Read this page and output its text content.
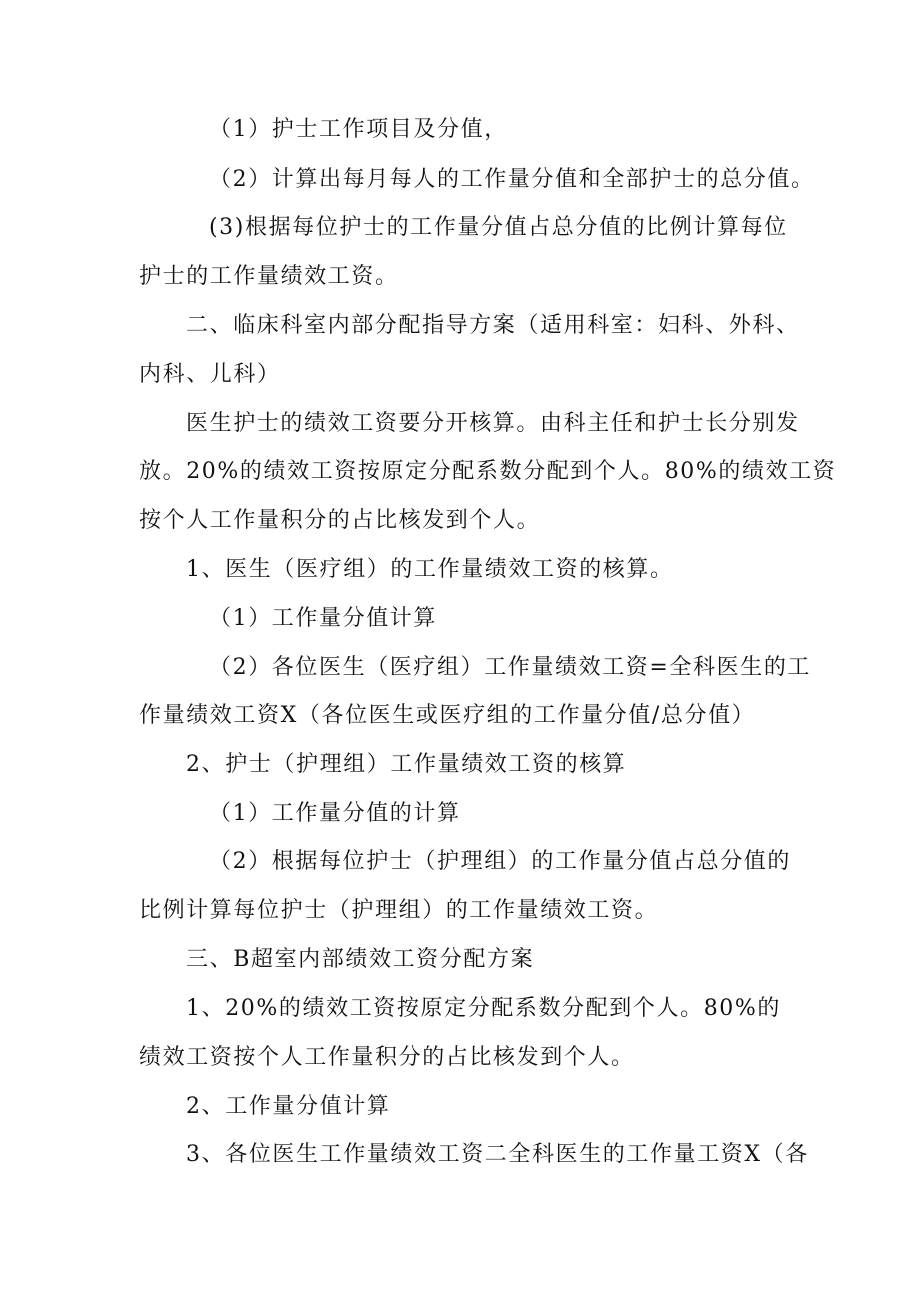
（1）护士工作项目及分值，

（2）计算出每月每人的工作量分值和全部护士的总分值。

(3)根据每位护士的工作量分值占总分值的比例计算每位

护士的工作量绩效工资。

二、临床科室内部分配指导方案（适用科室：妇科、外科、

内科、儿科）

医生护士的绩效工资要分开核算。由科主任和护士长分别发

放。20%的绩效工资按原定分配系数分配到个人。80%的绩效工资

按个人工作量积分的占比核发到个人。

1、医生（医疗组）的工作量绩效工资的核算。

（1）工作量分值计算

（2）各位医生（医疗组）工作量绩效工资=全科医生的工

作量绩效工资X（各位医生或医疗组的工作量分值/总分值）

2、护士（护理组）工作量绩效工资的核算

（1）工作量分值的计算

（2）根据每位护士（护理组）的工作量分值占总分值的

比例计算每位护士（护理组）的工作量绩效工资。

三、B超室内部绩效工资分配方案

1、20%的绩效工资按原定分配系数分配到个人。80%的

绩效工资按个人工作量积分的占比核发到个人。

2、工作量分值计算

3、各位医生工作量绩效工资二全科医生的工作量工资X（各
